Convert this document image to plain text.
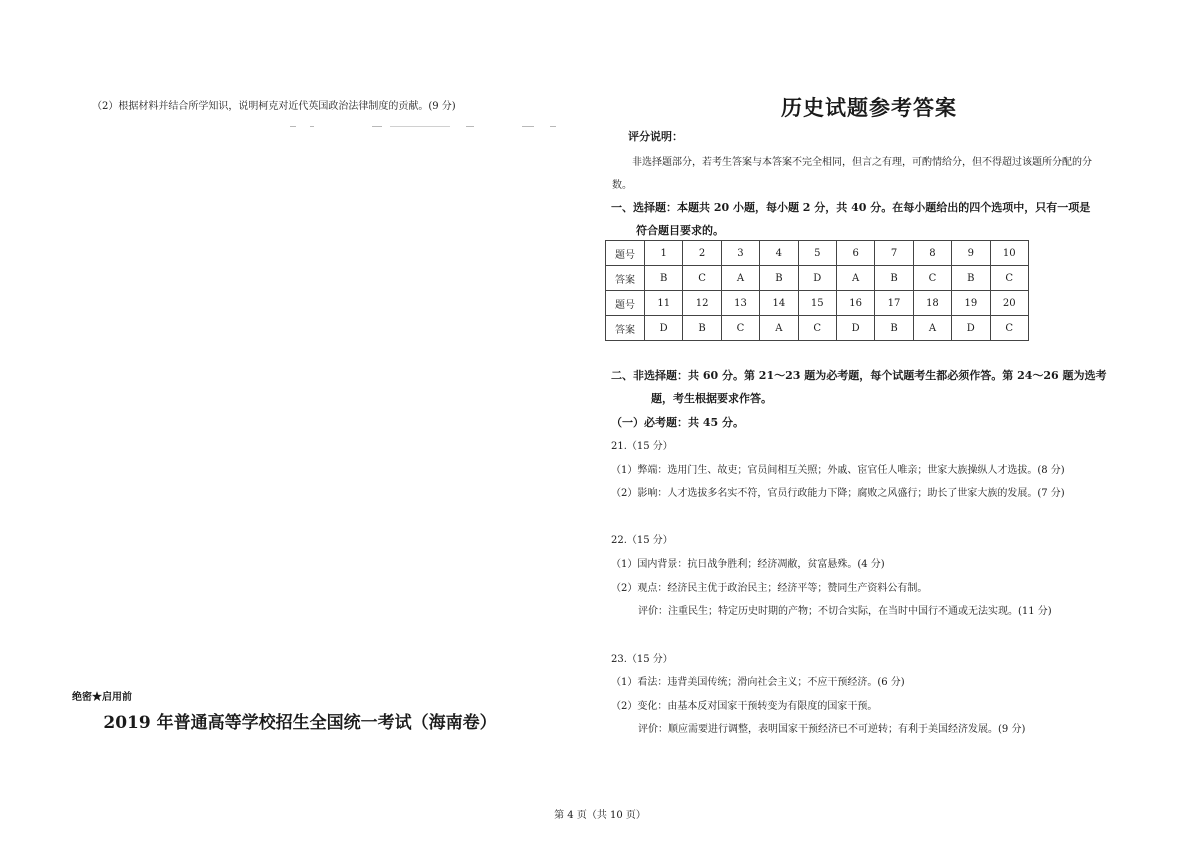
（2）根据材料并结合所学知识，说明柯克对近代英国政治法律制度的贡献。(9 分)
绝密★启用前
2019 年普通高等学校招生全国统一考试（海南卷）
历史试题参考答案
评分说明：
非选择题部分，若考生答案与本答案不完全相同，但言之有理，可酌情给分，但不得超过该题所分配的分
数。
一、选择题：本题共 20 小题，每小题 2 分，共 40 分。在每小题给出的四个选项中，只有一项是
符合题目要求的。
题号	1	2	3	4	5	6	7	8	9	10
答案	B	C	A	B	D	A	B	C	B	C
题号	11	12	13	14	15	16	17	18	19	20
答案	D	B	C	A	C	D	B	A	D	C
二、非选择题：共 60 分。第 21～23 题为必考题，每个试题考生都必须作答。第 24～26 题为选考
题，考生根据要求作答。
（一）必考题：共 45 分。
21.（15 分）
（1）弊端：选用门生、故吏；官员间相互关照；外戚、宦官任人唯亲；世家大族操纵人才选拔。(8 分)
（2）影响：人才选拔多名实不符，官员行政能力下降；腐败之风盛行；助长了世家大族的发展。(7 分)
22.（15 分）
（1）国内背景：抗日战争胜利；经济凋敝，贫富悬殊。(4 分)
（2）观点：经济民主优于政治民主；经济平等；赞同生产资料公有制。
评价：注重民生；特定历史时期的产物；不切合实际，在当时中国行不通或无法实现。(11 分)
23.（15 分）
（1）看法：违背美国传统；滑向社会主义；不应干预经济。(6 分)
（2）变化：由基本反对国家干预转变为有限度的国家干预。
评价：顺应需要进行调整，表明国家干预经济已不可逆转；有利于美国经济发展。(9 分)
第 4 页（共 10 页）
